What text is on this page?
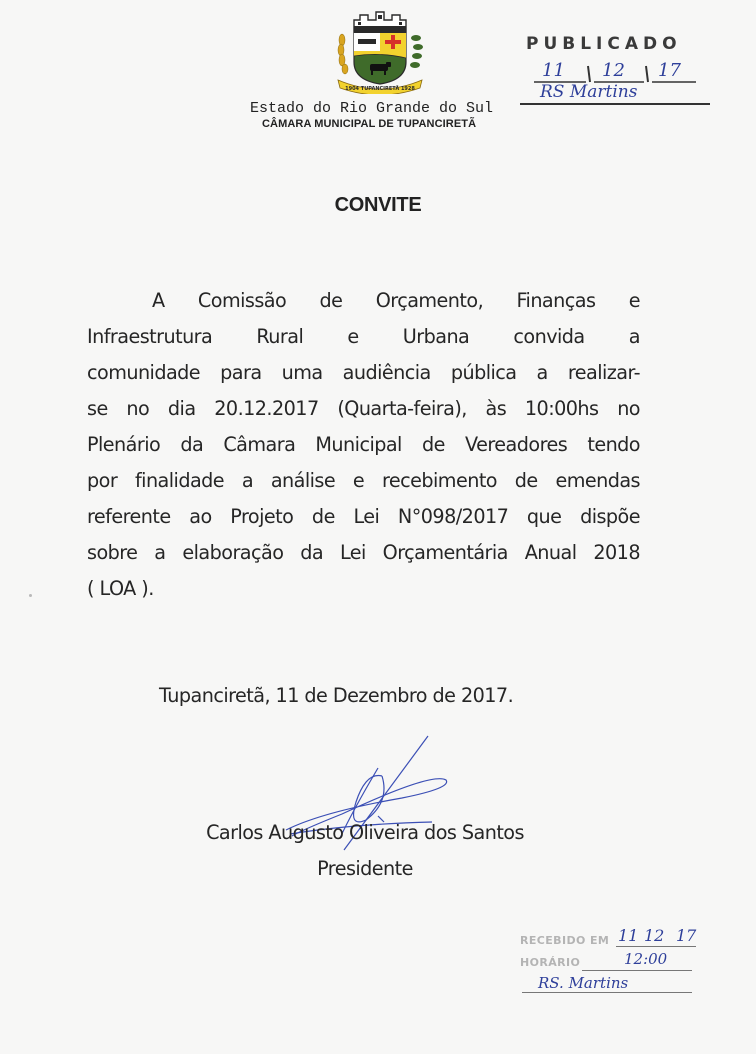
1904 TUPANCIRETÃ 1928
Estado do Rio Grande do Sul
CÂMARA MUNICIPAL DE TUPANCIRETÃ
PUBLICADO
11 12 17
RS Martins
CONVITE
A Comissão de Orçamento, Finanças e
Infraestrutura Rural e Urbana convida a
comunidade para uma audiência pública a realizar-
se no dia 20.12.2017 (Quarta-feira), às 10:00hs no
Plenário da Câmara Municipal de Vereadores tendo
por finalidade a análise e recebimento de emendas
referente ao Projeto de Lei N°098/2017 que dispõe
sobre a elaboração da Lei Orçamentária Anual 2018
( LOA ).
Tupanciretã, 11 de Dezembro de 2017.
Carlos Augusto Oliveira dos Santos
Presidente
RECEBIDO EM 11 12 17
HORÁRIO	12:00
RS. Martins
